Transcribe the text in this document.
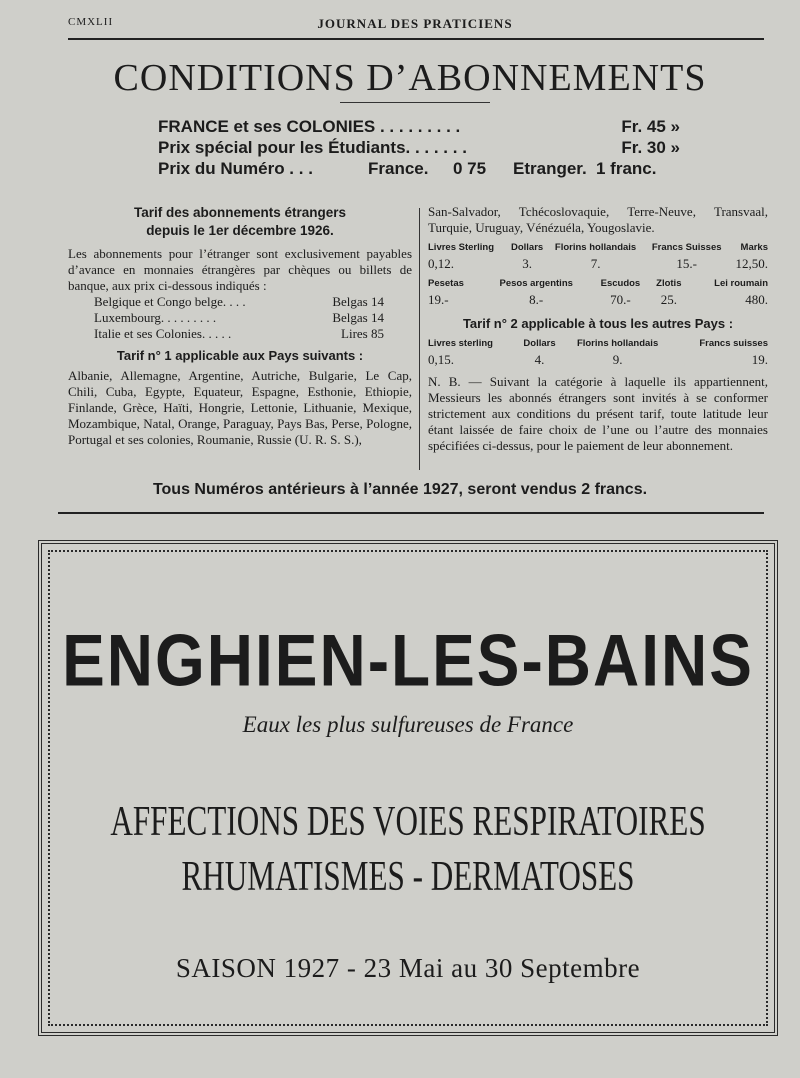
CMXLII	JOURNAL DES PRATICIENS
CONDITIONS D’ABONNEMENTS
FRANCE et ses COLONIES . . . . . . . . .	Fr. 45 »
Prix spécial pour les Étudiants. . . . . . .	Fr. 30 »
Prix du Numéro . . .	France. 0 75 Etranger. 1 franc.
Tarif des abonnements étrangers
depuis le 1er décembre 1926.
Les abonnements pour l’étranger sont exclusivement payables d’avance en monnaies étrangères par chèques ou billets de banque, aux prix ci-dessous indiqués :
Belgique et Congo belge. . . .	Belgas 14
Luxembourg. . . . . . . . .	Belgas 14
Italie et ses Colonies. . . . .	Lires 85
Tarif n° 1 applicable aux Pays suivants :
Albanie, Allemagne, Argentine, Autriche, Bulgarie, Le Cap, Chili, Cuba, Egypte, Equateur, Espagne, Esthonie, Ethiopie, Finlande, Grèce, Haïti, Hongrie, Lettonie, Lithuanie, Mexique, Mozambique, Natal, Orange, Paraguay, Pays Bas, Perse, Pologne, Portugal et ses colonies, Roumanie, Russie (U. R. S. S.),
San-Salvador, Tchécoslovaquie, Terre-Neuve, Transvaal, Turquie, Uruguay, Vénézuéla, Yougoslavie.
Livres Sterling	Dollars	Florins hollandais	Francs Suisses	Marks
0,12.	3.	7.	15.-	12,50.
Pesetas	Pesos argentins	Escudos	Zlotis	Lei roumain
19.-	8.-	70.-	25.	480.
Tarif n° 2 applicable à tous les autres Pays :
Livres sterling	Dollars	Florins hollandais	Francs suisses
0,15.	4.	9.	19.
N. B. — Suivant la catégorie à laquelle ils appartiennent, Messieurs les abonnés étrangers sont invités à se conformer strictement aux conditions du présent tarif, toute latitude leur étant laissée de faire choix de l’une ou l’autre des monnaies spécifiées ci-dessus, pour le paiement de leur abonnement.
Tous Numéros antérieurs à l’année 1927, seront vendus 2 francs.
ENGHIEN-LES-BAINS
Eaux les plus sulfureuses de France
AFFECTIONS DES VOIES RESPIRATOIRES
RHUMATISMES - DERMATOSES
SAISON 1927 - 23 Mai au 30 Septembre
